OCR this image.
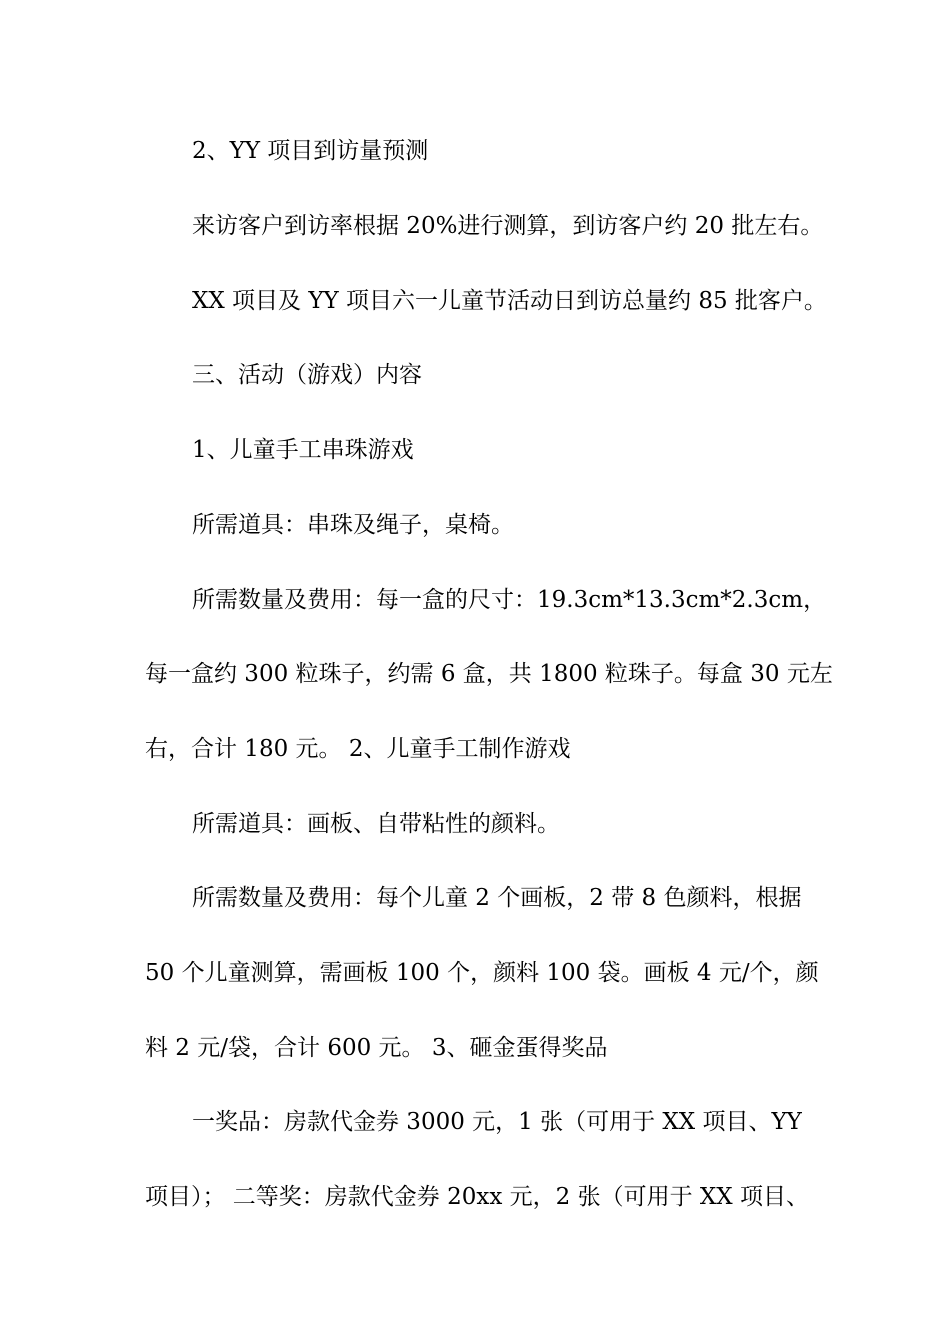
2、YY 项目到访量预测
来访客户到访率根据 20%进行测算，到访客户约 20 批左右。
XX 项目及 YY 项目六一儿童节活动日到访总量约 85 批客户。
三、活动（游戏）内容
1、儿童手工串珠游戏
所需道具：串珠及绳子，桌椅。
所需数量及费用：每一盒的尺寸：19.3cm*13.3cm*2.3cm，
每一盒约 300 粒珠子，约需 6 盒，共 1800 粒珠子。每盒 30 元左
右，合计 180 元。 2、儿童手工制作游戏
所需道具：画板、自带粘性的颜料。
所需数量及费用：每个儿童 2 个画板，2 带 8 色颜料，根据
50 个儿童测算，需画板 100 个，颜料 100 袋。画板 4 元/个，颜
料 2 元/袋，合计 600 元。 3、砸金蛋得奖品
一奖品：房款代金券 3000 元，1 张（可用于 XX 项目、YY
项目）； 二等奖：房款代金券 20xx 元，2 张（可用于 XX 项目、
